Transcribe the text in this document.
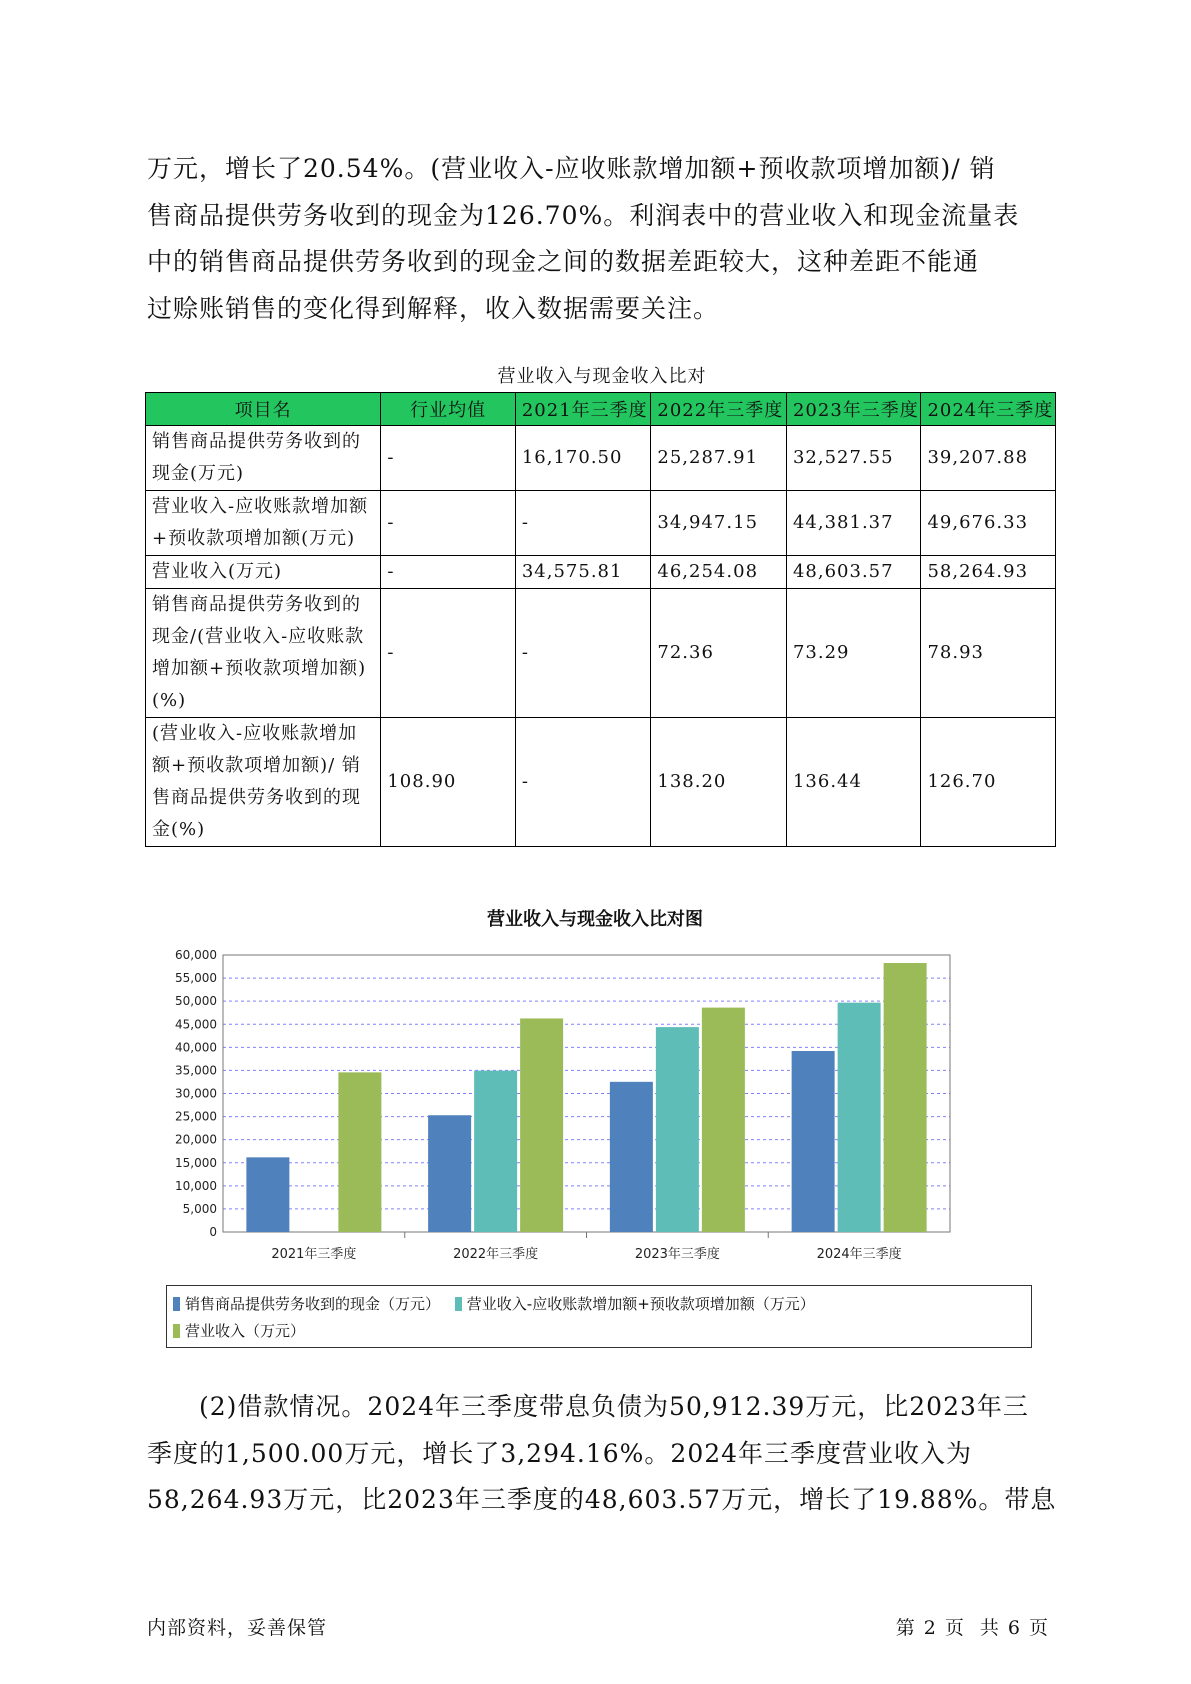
万元，增长了20.54%。(营业收入-应收账款增加额+预收款项增加额)/ 销
售商品提供劳务收到的现金为126.70%。利润表中的营业收入和现金流量表
中的销售商品提供劳务收到的现金之间的数据差距较大，这种差距不能通
过赊账销售的变化得到解释，收入数据需要关注。
营业收入与现金收入比对
项目名	行业均值	2021年三季度	2022年三季度	2023年三季度	2024年三季度
销售商品提供劳务收到的现金(万元)	-	16,170.50	25,287.91	32,527.55	39,207.88
营业收入-应收账款增加额+预收款项增加额(万元)	-	-	34,947.15	44,381.37	49,676.33
营业收入(万元)	-	34,575.81	46,254.08	48,603.57	58,264.93
销售商品提供劳务收到的现金/(营业收入-应收账款增加额+预收款项增加额)(%)	-	-	72.36	73.29	78.93
(营业收入-应收账款增加额+预收款项增加额)/ 销售商品提供劳务收到的现金(%)	108.90	-	138.20	136.44	126.70
营业收入与现金收入比对图
0
5,000
10,000
15,000
20,000
25,000
30,000
35,000
40,000
45,000
50,000
55,000
60,000
2021年三季度	2022年三季度	2023年三季度	2024年三季度
销售商品提供劳务收到的现金（万元）
营业收入-应收账款增加额+预收款项增加额（万元）

营业收入（万元）
(2)借款情况。2024年三季度带息负债为50,912.39万元，比2023年三
季度的1,500.00万元，增长了3,294.16%。2024年三季度营业收入为
58,264.93万元，比2023年三季度的48,603.57万元，增长了19.88%。带息
内部资料，妥善保管	第 2 页 共 6 页
